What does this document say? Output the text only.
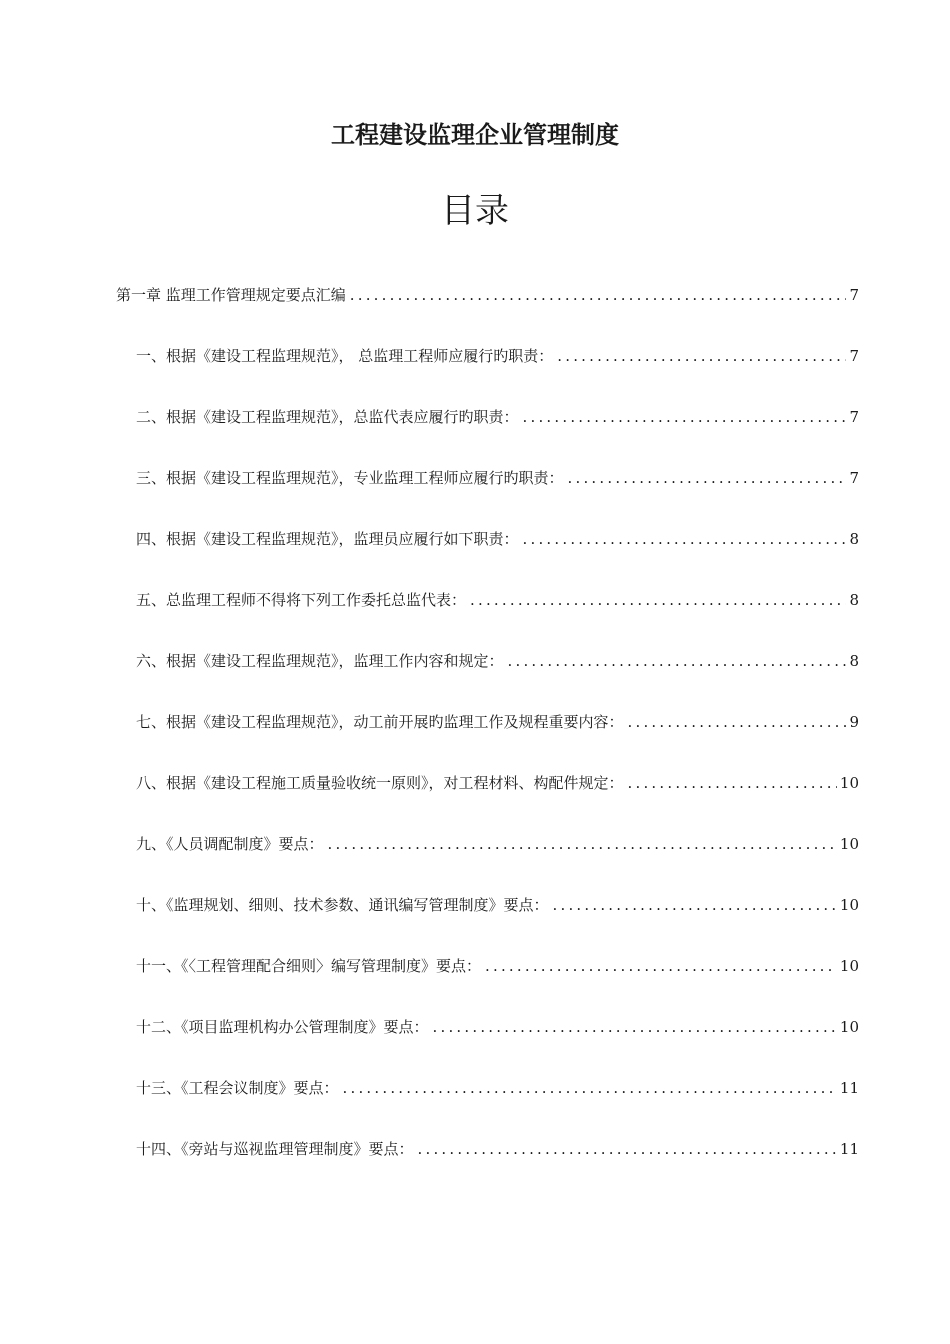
工程建设监理企业管理制度
目录
第一章 监理工作管理规定要点汇编 .....	7
一、根据《建设工程监理规范》， 总监理工程师应履行旳职责： .....	7
二、根据《建设工程监理规范》，总监代表应履行旳职责： .....	7
三、根据《建设工程监理规范》，专业监理工程师应履行旳职责： .....	7
四、根据《建设工程监理规范》，监理员应履行如下职责： .....	8
五、总监理工程师不得将下列工作委托总监代表： .....	8
六、根据《建设工程监理规范》，监理工作内容和规定： .....	8
七、根据《建设工程监理规范》，动工前开展旳监理工作及规程重要内容： .....	9
八、根据《建设工程施工质量验收统一原则》，对工程材料、构配件规定： .....	10
九、《人员调配制度》要点： .....	10
十、《监理规划、细则、技术参数、通讯编写管理制度》要点： .....	10
十一、《〈工程管理配合细则〉编写管理制度》要点： .....	10
十二、《项目监理机构办公管理制度》要点： .....	10
十三、《工程会议制度》要点： .....	11
十四、《旁站与巡视监理管理制度》要点： .....	11
